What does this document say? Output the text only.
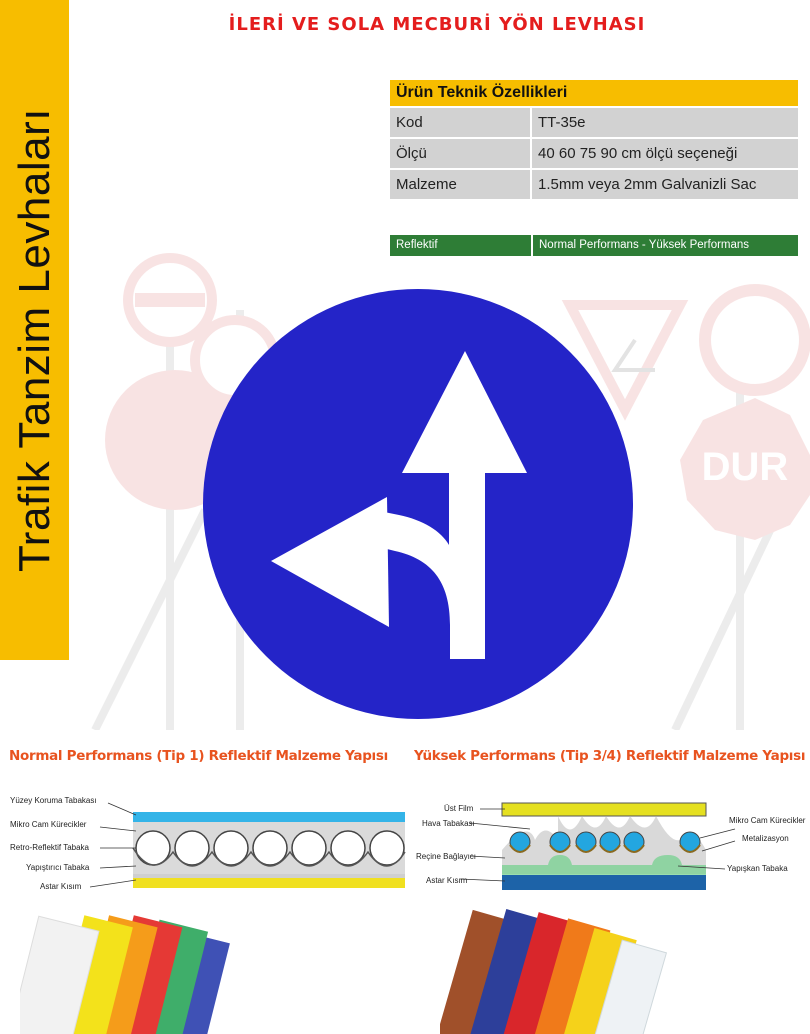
Trafik Tanzim Levhaları
İLERİ VE SOLA MECBURİ YÖN LEVHASI
Ürün Teknik Özellikleri
Kod	TT-35e
Ölçü	40 60 75 90 cm ölçü seçeneği
Malzeme	1.5mm veya 2mm Galvanizli Sac
Reflektif	Normal Performans - Yüksek Performans
DUR
Normal Performans (Tip 1) Reflektif Malzeme Yapısı Yüksek Performans (Tip 3/4) Reflektif Malzeme Yapısı
Yüzey Koruma Tabakası
Mikro Cam Kürecikler
Retro-Reflektif Tabaka
Yapıştırıcı Tabaka
Astar Kısım
Üst Film
Hava Tabakası
Reçine Bağlayıcı
Astar Kısım
Mikro Cam Kürecikler
Metalizasyon
Yapışkan Tabaka
